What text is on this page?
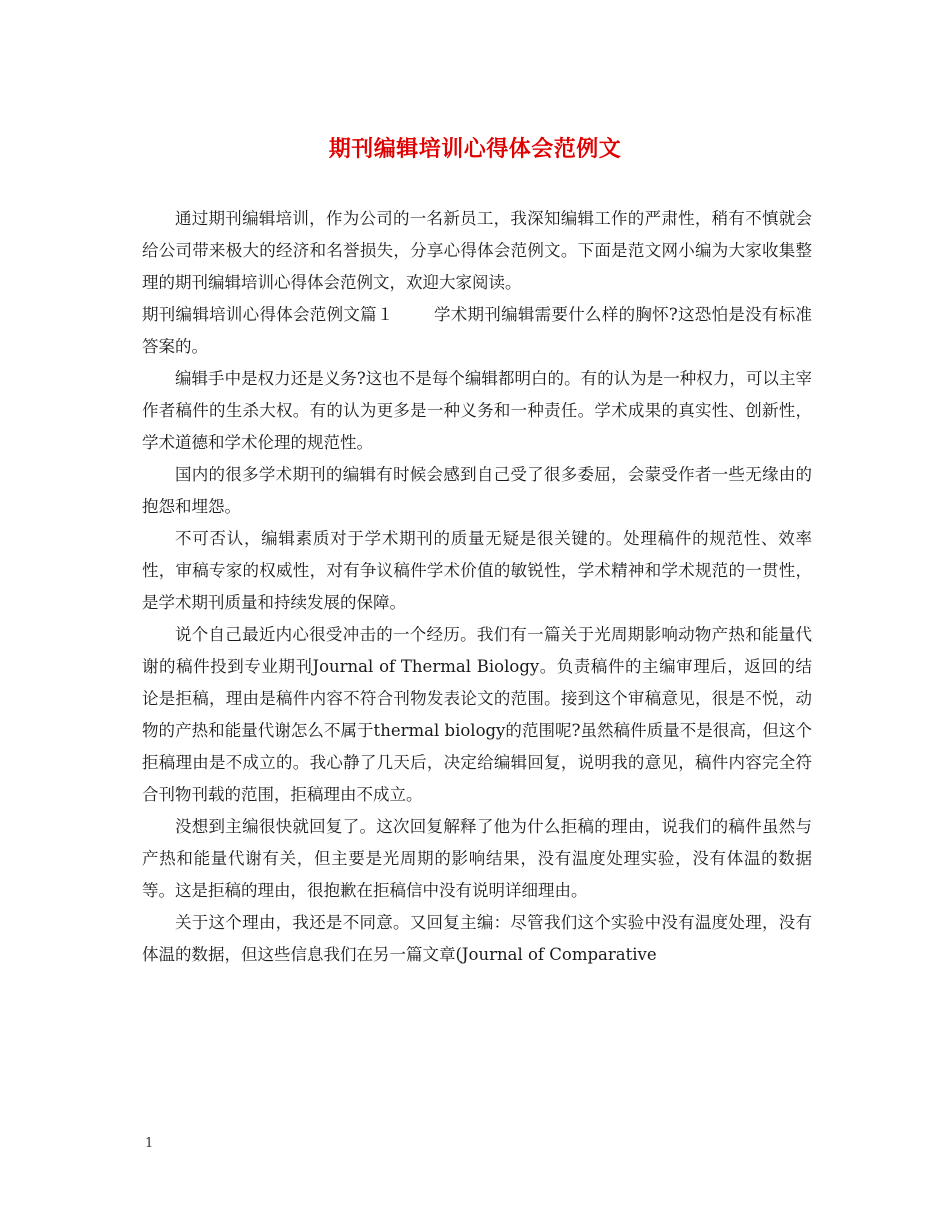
期刊编辑培训心得体会范例文

通过期刊编辑培训，作为公司的一名新员工，我深知编辑工作的严肃性，稍有不慎就会给公司带来极大的经济和名誉损失，分享心得体会范例文。下面是范文网小编为大家收集整理的期刊编辑培训心得体会范例文，欢迎大家阅读。

期刊编辑培训心得体会范例文篇１ 学术期刊编辑需要什么样的胸怀?这恐怕是没有标准答案的。

编辑手中是权力还是义务?这也不是每个编辑都明白的。有的认为是一种权力，可以主宰作者稿件的生杀大权。有的认为更多是一种义务和一种责任。学术成果的真实性、创新性，学术道德和学术伦理的规范性。

国内的很多学术期刊的编辑有时候会感到自己受了很多委屈，会蒙受作者一些无缘由的抱怨和埋怨。

不可否认，编辑素质对于学术期刊的质量无疑是很关键的。处理稿件的规范性、效率性，审稿专家的权威性，对有争议稿件学术价值的敏锐性，学术精神和学术规范的一贯性，是学术期刊质量和持续发展的保障。

说个自己最近内心很受冲击的一个经历。我们有一篇关于光周期影响动物产热和能量代谢的稿件投到专业期刊Journal of Thermal Biology。负责稿件的主编审理后，返回的结论是拒稿，理由是稿件内容不符合刊物发表论文的范围。接到这个审稿意见，很是不悦，动物的产热和能量代谢怎么不属于thermal biology的范围呢?虽然稿件质量不是很高，但这个拒稿理由是不成立的。我心静了几天后，决定给编辑回复，说明我的意见，稿件内容完全符合刊物刊载的范围，拒稿理由不成立。

没想到主编很快就回复了。这次回复解释了他为什么拒稿的理由，说我们的稿件虽然与产热和能量代谢有关，但主要是光周期的影响结果，没有温度处理实验，没有体温的数据等。这是拒稿的理由，很抱歉在拒稿信中没有说明详细理由。

关于这个理由，我还是不同意。又回复主编：尽管我们这个实验中没有温度处理，没有体温的数据，但这些信息我们在另一篇文章(Journal of Comparative

1
